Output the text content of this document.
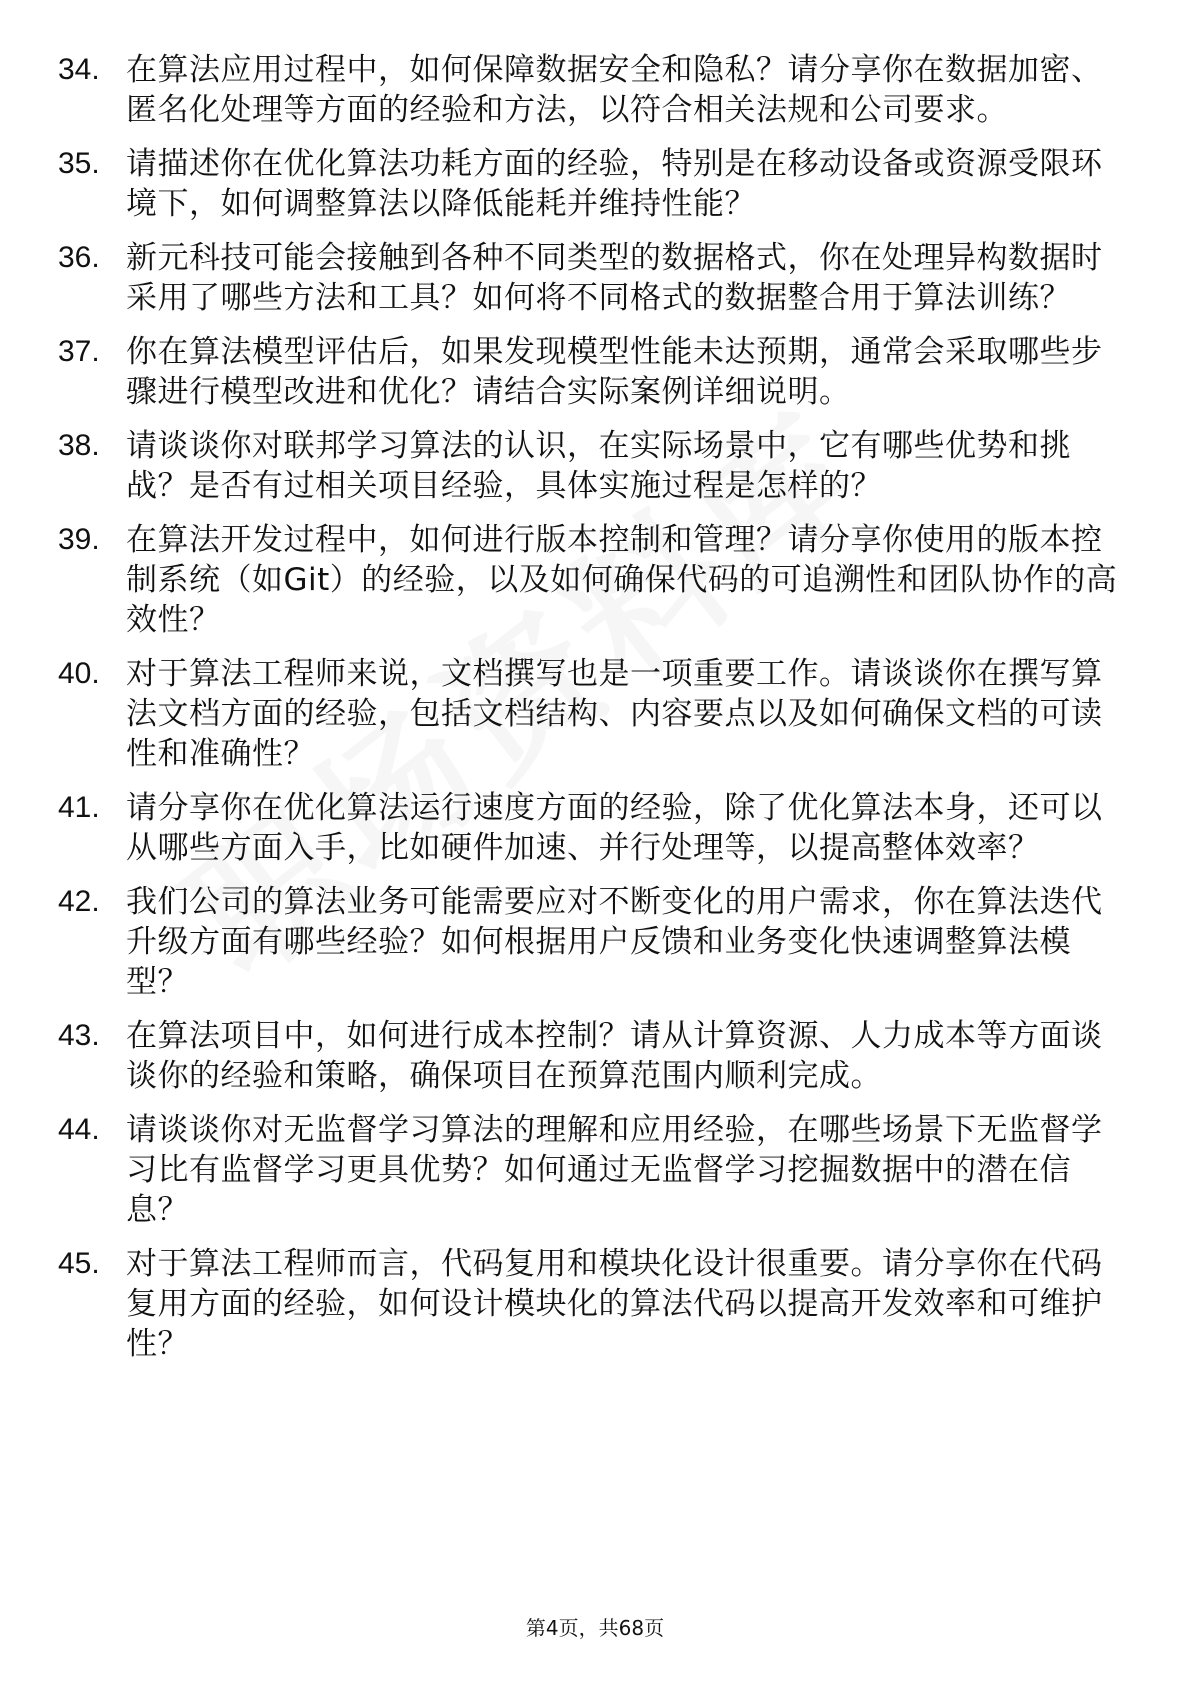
34. 在算法应用过程中，如何保障数据安全和隐私？请分享你在数据加密、匿名化处理等方面的经验和方法，以符合相关法规和公司要求。
35. 请描述你在优化算法功耗方面的经验，特别是在移动设备或资源受限环境下，如何调整算法以降低能耗并维持性能？
36. 新元科技可能会接触到各种不同类型的数据格式，你在处理异构数据时采用了哪些方法和工具？如何将不同格式的数据整合用于算法训练？
37. 你在算法模型评估后，如果发现模型性能未达预期，通常会采取哪些步骤进行模型改进和优化？请结合实际案例详细说明。
38. 请谈谈你对联邦学习算法的认识，在实际场景中，它有哪些优势和挑战？是否有过相关项目经验，具体实施过程是怎样的？
39. 在算法开发过程中，如何进行版本控制和管理？请分享你使用的版本控制系统（如Git）的经验，以及如何确保代码的可追溯性和团队协作的高效性？
40. 对于算法工程师来说，文档撰写也是一项重要工作。请谈谈你在撰写算法文档方面的经验，包括文档结构、内容要点以及如何确保文档的可读性和准确性？
41. 请分享你在优化算法运行速度方面的经验，除了优化算法本身，还可以从哪些方面入手，比如硬件加速、并行处理等，以提高整体效率？
42. 我们公司的算法业务可能需要应对不断变化的用户需求，你在算法迭代升级方面有哪些经验？如何根据用户反馈和业务变化快速调整算法模型？
43. 在算法项目中，如何进行成本控制？请从计算资源、人力成本等方面谈谈你的经验和策略，确保项目在预算范围内顺利完成。
44. 请谈谈你对无监督学习算法的理解和应用经验，在哪些场景下无监督学习比有监督学习更具优势？如何通过无监督学习挖掘数据中的潜在信息？
45. 对于算法工程师而言，代码复用和模块化设计很重要。请分享你在代码复用方面的经验，如何设计模块化的算法代码以提高开发效率和可维护性？
第4页，共68页
